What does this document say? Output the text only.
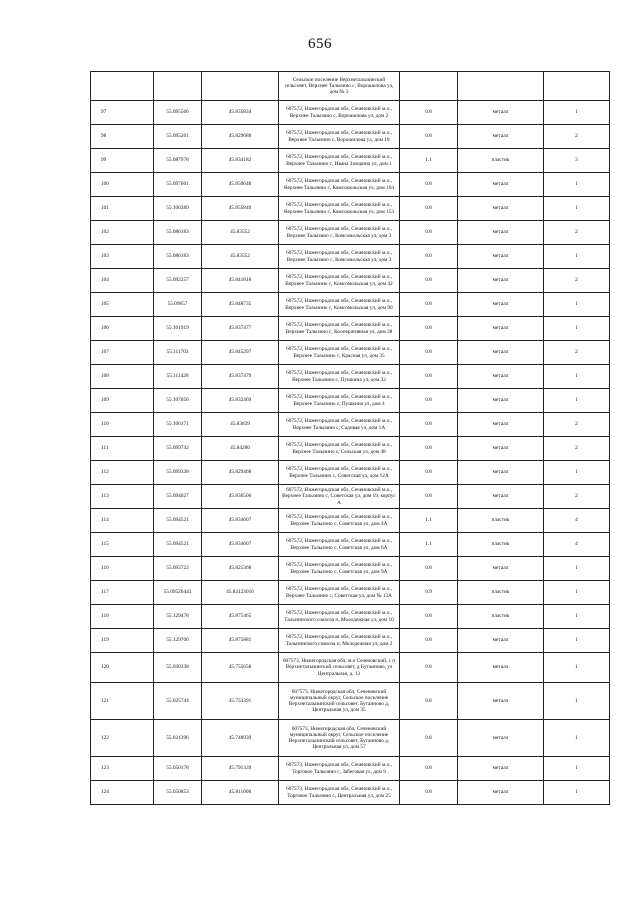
656
			Сельское поселение Верхнеталызинский сельсовет, Верхнее Талызино с, Ворошилова ул, дом № 3			
97	55.095566	45.835834	607572, Нижегородская обл, Сеченовский м.о., Верхнее Талызино с, Ворошилова ул, дом 2	0.8	металл	1
98	55.095261	45.829688	607572, Нижегородская обл, Сеченовский м.о., Верхнее Талызино с, Ворошилова ул, дом 19	0.8	металл	2
99	55.087978	45.834182	607572, Нижегородская обл, Сеченовский м.о., Верхнее Талызино с, Ивана Зазорина ул, дом 1	1.1	пластик	3
100	55.097601	45.850648	607572, Нижегородская обл, Сеченовский м.о., Верхнее Талызино с, Комсомольская ул, дом 104	0.8	металл	1
101	55.100389	45.855849	607572, Нижегородская обл, Сеченовский м.о., Верхнее Талызино с, Комсомольская ул, дом 153	0.8	металл	1
102	55.086183	45.83552	607572, Нижегородская обл, Сеченовский м.о., Верхнее Талызино с, Комсомольская ул, дом 3	0.8	металл	2
103	55.086183	45.83552	607572, Нижегородская обл, Сеченовский м.о., Верхнее Талызино с, Комсомольская ул, дом 3	8.0	металл	1
104	55.092257	45.841818	607572, Нижегородская обл, Сеченовский м.о., Верхнее Талызино с, Комсомольская ул, дом 42	0.8	металл	2
105	55.09657	45.848735	607572, Нижегородская обл, Сеченовский м.о., Верхнее Талызино с, Комсомольская ул, дом 90	0.8	металл	1
106	55.101919	45.837477	607572, Нижегородская обл, Сеченовский м.о., Верхнее Талызино с, Кооперативная ул, дом 38	0.8	металл	1
107	55.111703	45.845297	607572, Нижегородская обл, Сеченовский м.о., Верхнее Талызино с, Красная ул, дом 35	0.8	металл	2
108	55.111428	45.837479	607572, Нижегородская обл, Сеченовский м.о., Верхнее Талызино с, Пушкина ул, дом 32	0.8	металл	1
109	55.107056	45.832469	607572, Нижегородская обл, Сеченовский м.о., Верхнее Талызино с, Пушкина ул, дом 4	0.8	металл	1
110	55.106171	45.83839	607572, Нижегородская обл, Сеченовский м.о., Верхнее Талызино с, Садовая ул, дом 1А	0.8	металл	2
111	55.099742	45.84286	607572, Нижегородская обл, Сеченовский м.о., Верхнее Талызино с, Сельская ул, дом 48	0.8	металл	2
112	55.099338	45.829468	607572, Нижегородская обл, Сеченовский м.о., Верхнее Талызино с, Советская ул, дом 12А	0.8	металл	1
113	55.094027	45.836506	607572, Нижегородская обл, Сеченовский м.о., Верхнее Талызино с, Советская ул, дом 19, корпус А	0.8	металл	2
114	55.094521	45.834607	607572, Нижегородская обл, Сеченовский м.о., Верхнее Талызино с, Советская ул, дом 4А	1.1	пластик	4
115	55.094521	45.834607	607572, Нижегородская обл, Сеченовский м.о., Верхнее Талызино с, Советская ул, дом 6А	1.1	пластик	4
116	55.093722	45.825368	607572, Нижегородская обл, Сеченовский м.о., Верхнее Талызино с, Советская ул, дом 9А	0.8	металл	1
117	55.09526443	45.83123016	607572, Нижегородская обл, Сеченовский м.о., Верхнее Талызино с, Советская ул, дом № 13А	0.9	пластик	1
118	55.129478	45.875465	607572, Нижегородская обл, Сеченовский м.о., Талызинского совхоза п, Молодежная ул, дом 10	0.8	пластик	1
119	55.129706	45.875881	607572, Нижегородская обл, Сеченовский м.о., Талызинского совхоза п, Молодежная ул, дом 2	0.8	металл	1
120	55.030338	45.755658	607573, Нижегородская обл, м.о Сеченовский, с п Верхнеталызинский сельсовет, д Бутаиново, ул Центральная, д. 13	0.8	металл	1
121	55.025744	45.753391	607573, Нижегородская обл, Сеченовский муниципальный округ, Сельское поселение Верхнеталызинский сельсовет, Бутаиново д, Центральная ул, дом 35	0.8	металл	1
122	55.021396	45.748939	607573, Нижегородская обл, Сеченовский муниципальный округ, Сельское поселение Верхнеталызинский сельсовет, Бутаиново д, Центральная ул, дом 57	0.8	металл	1
123	55.050178	45.791339	607573, Нижегородская обл, Сеченовский м.о., Торговое Талызино с, Забеговая ул, дом 9	0.8	металл	1
124	55.050853	45.811008	607573, Нижегородская обл, Сеченовский м.о., Торговое Талызино с, Центральная ул, дом 25	0.8	металл	1
